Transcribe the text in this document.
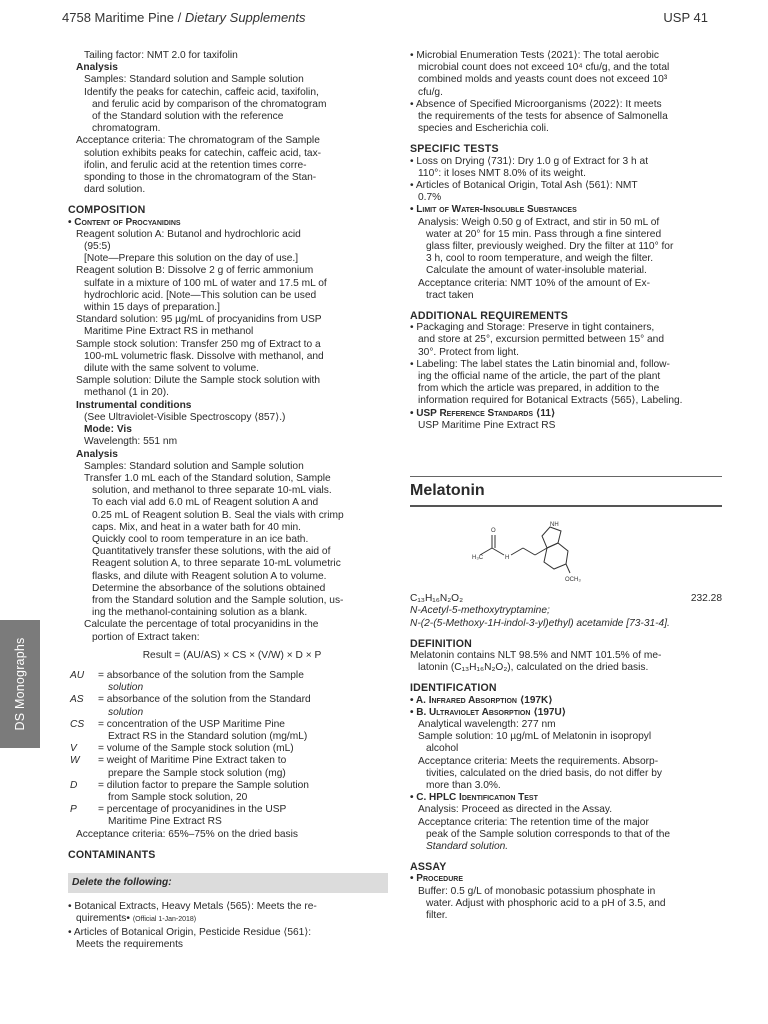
4758 Maritime Pine / Dietary Supplements	USP 41
DS Monographs
Tailing factor: NMT 2.0 for taxifolin
Analysis
Samples: Standard solution and Sample solution
Identify the peaks for catechin, caffeic acid, taxifolin,
and ferulic acid by comparison of the chromatogram
of the Standard solution with the reference
chromatogram.
Acceptance criteria: The chromatogram of the Sample
solution exhibits peaks for catechin, caffeic acid, tax-
ifolin, and ferulic acid at the retention times corre-
sponding to those in the chromatogram of the Stan-
dard solution.
COMPOSITION
• Content of Procyanidins
Reagent solution A: Butanol and hydrochloric acid
(95:5)
[Note—Prepare this solution on the day of use.]
Reagent solution B: Dissolve 2 g of ferric ammonium
sulfate in a mixture of 100 mL of water and 17.5 mL of
hydrochloric acid. [Note—This solution can be used
within 15 days of preparation.]
Standard solution: 95 µg/mL of procyanidins from USP
Maritime Pine Extract RS in methanol
Sample stock solution: Transfer 250 mg of Extract to a
100-mL volumetric flask. Dissolve with methanol, and
dilute with the same solvent to volume.
Sample solution: Dilute the Sample stock solution with
methanol (1 in 20).
Instrumental conditions
(See Ultraviolet-Visible Spectroscopy ⟨857⟩.)
Mode: Vis
Wavelength: 551 nm
Analysis
Samples: Standard solution and Sample solution
Transfer 1.0 mL each of the Standard solution, Sample
solution, and methanol to three separate 10-mL vials.
To each vial add 6.0 mL of Reagent solution A and
0.25 mL of Reagent solution B. Seal the vials with crimp
caps. Mix, and heat in a water bath for 40 min.
Quickly cool to room temperature in an ice bath.
Quantitatively transfer these solutions, with the aid of
Reagent solution A, to three separate 10-mL volumetric
flasks, and dilute with Reagent solution A to volume.
Determine the absorbance of the solutions obtained
from the Standard solution and the Sample solution, us-
ing the methanol-containing solution as a blank.
Calculate the percentage of total procyanidins in the
portion of Extract taken:
Result = (AU/AS) × CS × (V/W) × D × P
AU	= absorbance of the solution from the Sample
solution
AS	= absorbance of the solution from the Standard
solution
CS	= concentration of the USP Maritime Pine
Extract RS in the Standard solution (mg/mL)
V	= volume of the Sample stock solution (mL)
W	= weight of Maritime Pine Extract taken to
prepare the Sample stock solution (mg)
D	= dilution factor to prepare the Sample solution
from Sample stock solution, 20
P	= percentage of procyanidines in the USP
Maritime Pine Extract RS
Acceptance criteria: 65%–75% on the dried basis
CONTAMINANTS
Delete the following:
• Botanical Extracts, Heavy Metals ⟨565⟩: Meets the re-
quirements• (Official 1-Jan-2018)
• Articles of Botanical Origin, Pesticide Residue ⟨561⟩:
Meets the requirements
• Microbial Enumeration Tests ⟨2021⟩: The total aerobic
microbial count does not exceed 10⁴ cfu/g, and the total
combined molds and yeasts count does not exceed 10³
cfu/g.
• Absence of Specified Microorganisms ⟨2022⟩: It meets
the requirements of the tests for absence of Salmonella
species and Escherichia coli.
SPECIFIC TESTS
• Loss on Drying ⟨731⟩: Dry 1.0 g of Extract for 3 h at
110°: it loses NMT 8.0% of its weight.
• Articles of Botanical Origin, Total Ash ⟨561⟩: NMT
0.7%
• Limit of Water-Insoluble Substances
Analysis: Weigh 0.50 g of Extract, and stir in 50 mL of
water at 20° for 15 min. Pass through a fine sintered
glass filter, previously weighed. Dry the filter at 110° for
3 h, cool to room temperature, and weigh the filter.
Calculate the amount of water-insoluble material.
Acceptance criteria: NMT 10% of the amount of Ex-
tract taken
ADDITIONAL REQUIREMENTS
• Packaging and Storage: Preserve in tight containers,
and store at 25°, excursion permitted between 15° and
30°. Protect from light.
• Labeling: The label states the Latin binomial and, follow-
ing the official name of the article, the part of the plant
from which the article was prepared, in addition to the
information required for Botanical Extracts ⟨565⟩, Labeling.
• USP Reference Standards ⟨11⟩
USP Maritime Pine Extract RS
Melatonin
H₃C
O
H
NH
OCH₃
C₁₃H₁₆N₂O₂	232.28
N-Acetyl-5-methoxytryptamine;
N-(2-(5-Methoxy-1H-indol-3-yl)ethyl) acetamide [73-31-4].
DEFINITION
Melatonin contains NLT 98.5% and NMT 101.5% of me-
latonin (C₁₃H₁₆N₂O₂), calculated on the dried basis.
IDENTIFICATION
• A. Infrared Absorption ⟨197K⟩
• B. Ultraviolet Absorption ⟨197U⟩
Analytical wavelength: 277 nm
Sample solution: 10 µg/mL of Melatonin in isopropyl
alcohol
Acceptance criteria: Meets the requirements. Absorp-
tivities, calculated on the dried basis, do not differ by
more than 3.0%.
• C. HPLC Identification Test
Analysis: Proceed as directed in the Assay.
Acceptance criteria: The retention time of the major
peak of the Sample solution corresponds to that of the
Standard solution.
ASSAY
• Procedure
Buffer: 0.5 g/L of monobasic potassium phosphate in
water. Adjust with phosphoric acid to a pH of 3.5, and
filter.
